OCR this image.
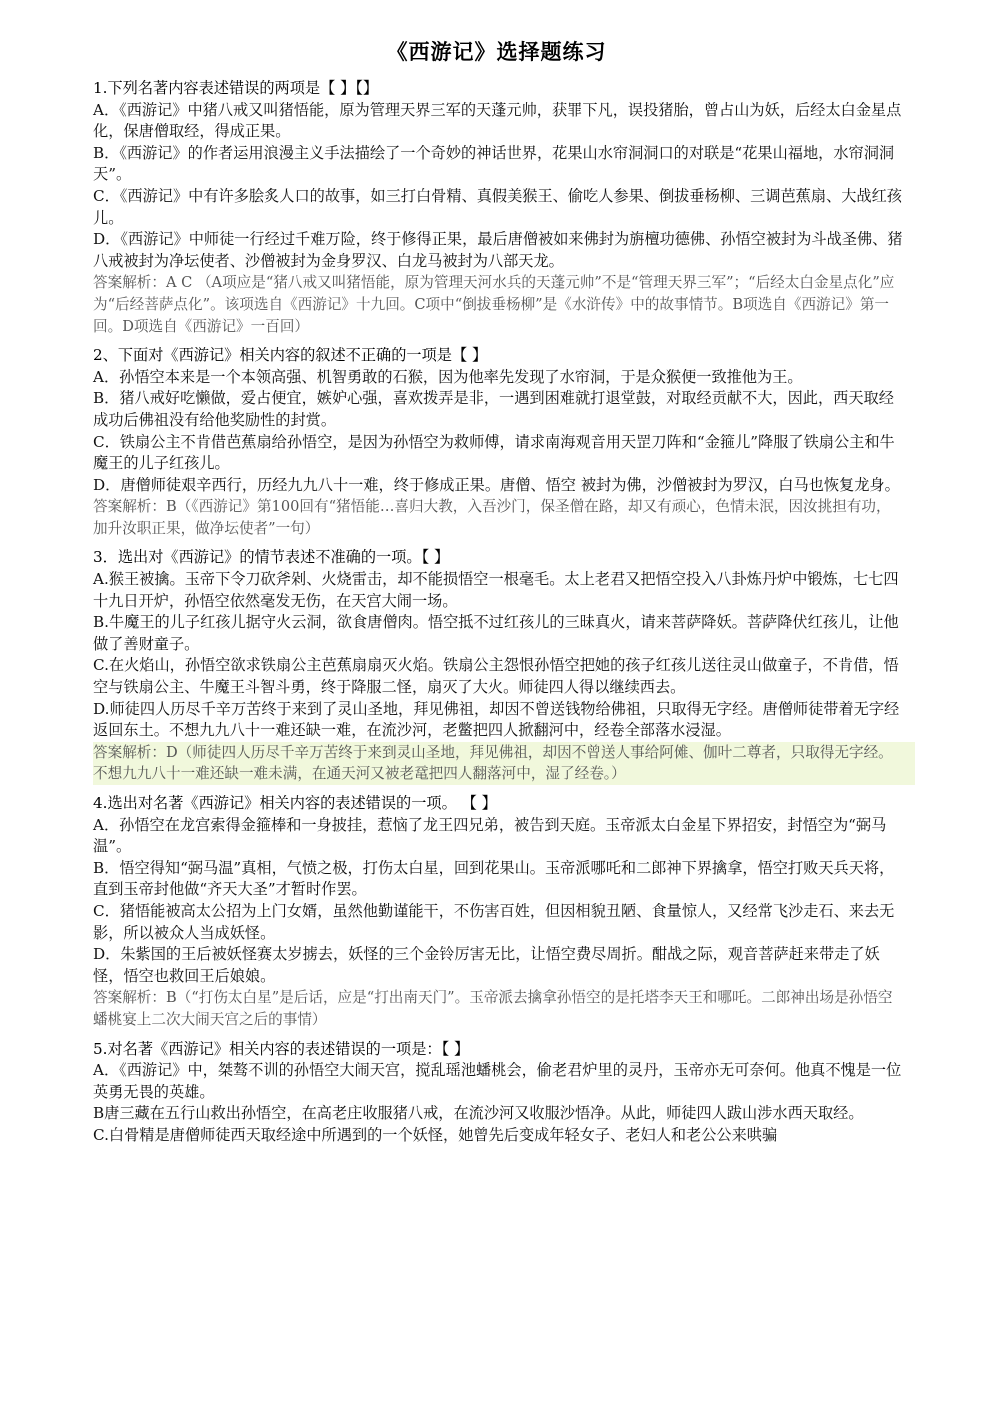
《西游记》选择题练习

1.下列名著内容表述错误的两项是【 】【】

A．《西游记》中猪八戒又叫猪悟能，原为管理天界三军的天蓬元帅，获罪下凡，误投猪胎，曾占山为妖，后经太白金星点化，保唐僧取经，得成正果。

B．《西游记》的作者运用浪漫主义手法描绘了一个奇妙的神话世界，花果山水帘洞洞口的对联是“花果山福地，水帘洞洞天”。

C．《西游记》中有许多脍炙人口的故事，如三打白骨精、真假美猴王、偷吃人参果、倒拔垂杨柳、三调芭蕉扇、大战红孩儿。

D．《西游记》中师徒一行经过千难万险，终于修得正果，最后唐僧被如来佛封为旃檀功德佛、孙悟空被封为斗战圣佛、猪八戒被封为净坛使者、沙僧被封为金身罗汉、白龙马被封为八部天龙。

答案解析：A C （A项应是“猪八戒又叫猪悟能，原为管理天河水兵的天蓬元帅”不是“管理天界三军”；“后经太白金星点化”应为“后经菩萨点化”。该项选自《西游记》十九回。C项中“倒拔垂杨柳”是《水浒传》中的故事情节。B项选自《西游记》第一回。D项选自《西游记》一百回）

2、下面对《西游记》相关内容的叙述不正确的一项是【 】

A．孙悟空本来是一个本领高强、机智勇敢的石猴，因为他率先发现了水帘洞，于是众猴便一致推他为王。

B．猪八戒好吃懒做，爱占便宜，嫉妒心强，喜欢拨弄是非，一遇到困难就打退堂鼓，对取经贡献不大，因此，西天取经成功后佛祖没有给他奖励性的封赏。

C．铁扇公主不肯借芭蕉扇给孙悟空，是因为孙悟空为救师傅，请求南海观音用天罡刀阵和“金箍儿”降服了铁扇公主和牛魔王的儿子红孩儿。

D．唐僧师徒艰辛西行，历经九九八十一难，终于修成正果。唐僧、悟空 被封为佛，沙僧被封为罗汉，白马也恢复龙身。

答案解析：B（《西游记》第100回有“猪悟能…喜归大教，入吾沙门，保圣僧在路，却又有顽心，色情未泯，因汝挑担有功，加升汝职正果，做净坛使者”一句）

3．选出对《西游记》的情节表述不准确的一项。【 】

A.猴王被擒。玉帝下令刀砍斧剁、火烧雷击，却不能损悟空一根毫毛。太上老君又把悟空投入八卦炼丹炉中锻炼，七七四十九日开炉，孙悟空依然毫发无伤，在天宫大闹一场。

B.牛魔王的儿子红孩儿据守火云洞，欲食唐僧肉。悟空抵不过红孩儿的三昧真火，请来菩萨降妖。菩萨降伏红孩儿，让他做了善财童子。

C.在火焰山，孙悟空欲求铁扇公主芭蕉扇扇灭火焰。铁扇公主怨恨孙悟空把她的孩子红孩儿送往灵山做童子，不肯借，悟空与铁扇公主、牛魔王斗智斗勇，终于降服二怪，扇灭了大火。师徒四人得以继续西去。

D.师徒四人历尽千辛万苦终于来到了灵山圣地，拜见佛祖，却因不曾送钱物给佛祖，只取得无字经。唐僧师徒带着无字经返回东土。不想九九八十一难还缺一难，在流沙河，老鳖把四人掀翻河中，经卷全部落水浸湿。

答案解析：D（师徒四人历尽千辛万苦终于来到灵山圣地，拜见佛祖，却因不曾送人事给阿傩、伽叶二尊者，只取得无字经。不想九九八十一难还缺一难未满，在通天河又被老鼋把四人翻落河中，湿了经卷。）

4.选出对名著《西游记》相关内容的表述错误的一项。 【 】

A．孙悟空在龙宫索得金箍棒和一身披挂，惹恼了龙王四兄弟，被告到天庭。玉帝派太白金星下界招安，封悟空为“弼马温”。

B．悟空得知“弼马温”真相，气愤之极，打伤太白星，回到花果山。玉帝派哪吒和二郎神下界擒拿，悟空打败天兵天将，直到玉帝封他做“齐天大圣”才暂时作罢。

C．猪悟能被高太公招为上门女婿，虽然他勤谨能干，不伤害百姓，但因相貌丑陋、食量惊人，又经常飞沙走石、来去无影，所以被众人当成妖怪。

D．朱紫国的王后被妖怪赛太岁掳去，妖怪的三个金铃厉害无比，让悟空费尽周折。酣战之际，观音菩萨赶来带走了妖怪，悟空也救回王后娘娘。

答案解析：B（“打伤太白星”是后话，应是“打出南天门”。玉帝派去擒拿孙悟空的是托塔李天王和哪吒。二郎神出场是孙悟空蟠桃宴上二次大闹天宫之后的事情）

5.对名著《西游记》相关内容的表述错误的一项是：【 】

A．《西游记》中，桀骜不训的孙悟空大闹天宫，搅乱瑶池蟠桃会，偷老君炉里的灵丹，玉帝亦无可奈何。他真不愧是一位英勇无畏的英雄。

B唐三藏在五行山救出孙悟空，在高老庄收服猪八戒，在流沙河又收服沙悟净。从此，师徒四人跋山涉水西天取经。

C.白骨精是唐僧师徒西天取经途中所遇到的一个妖怪，她曾先后变成年轻女子、老妇人和老公公来哄骗
